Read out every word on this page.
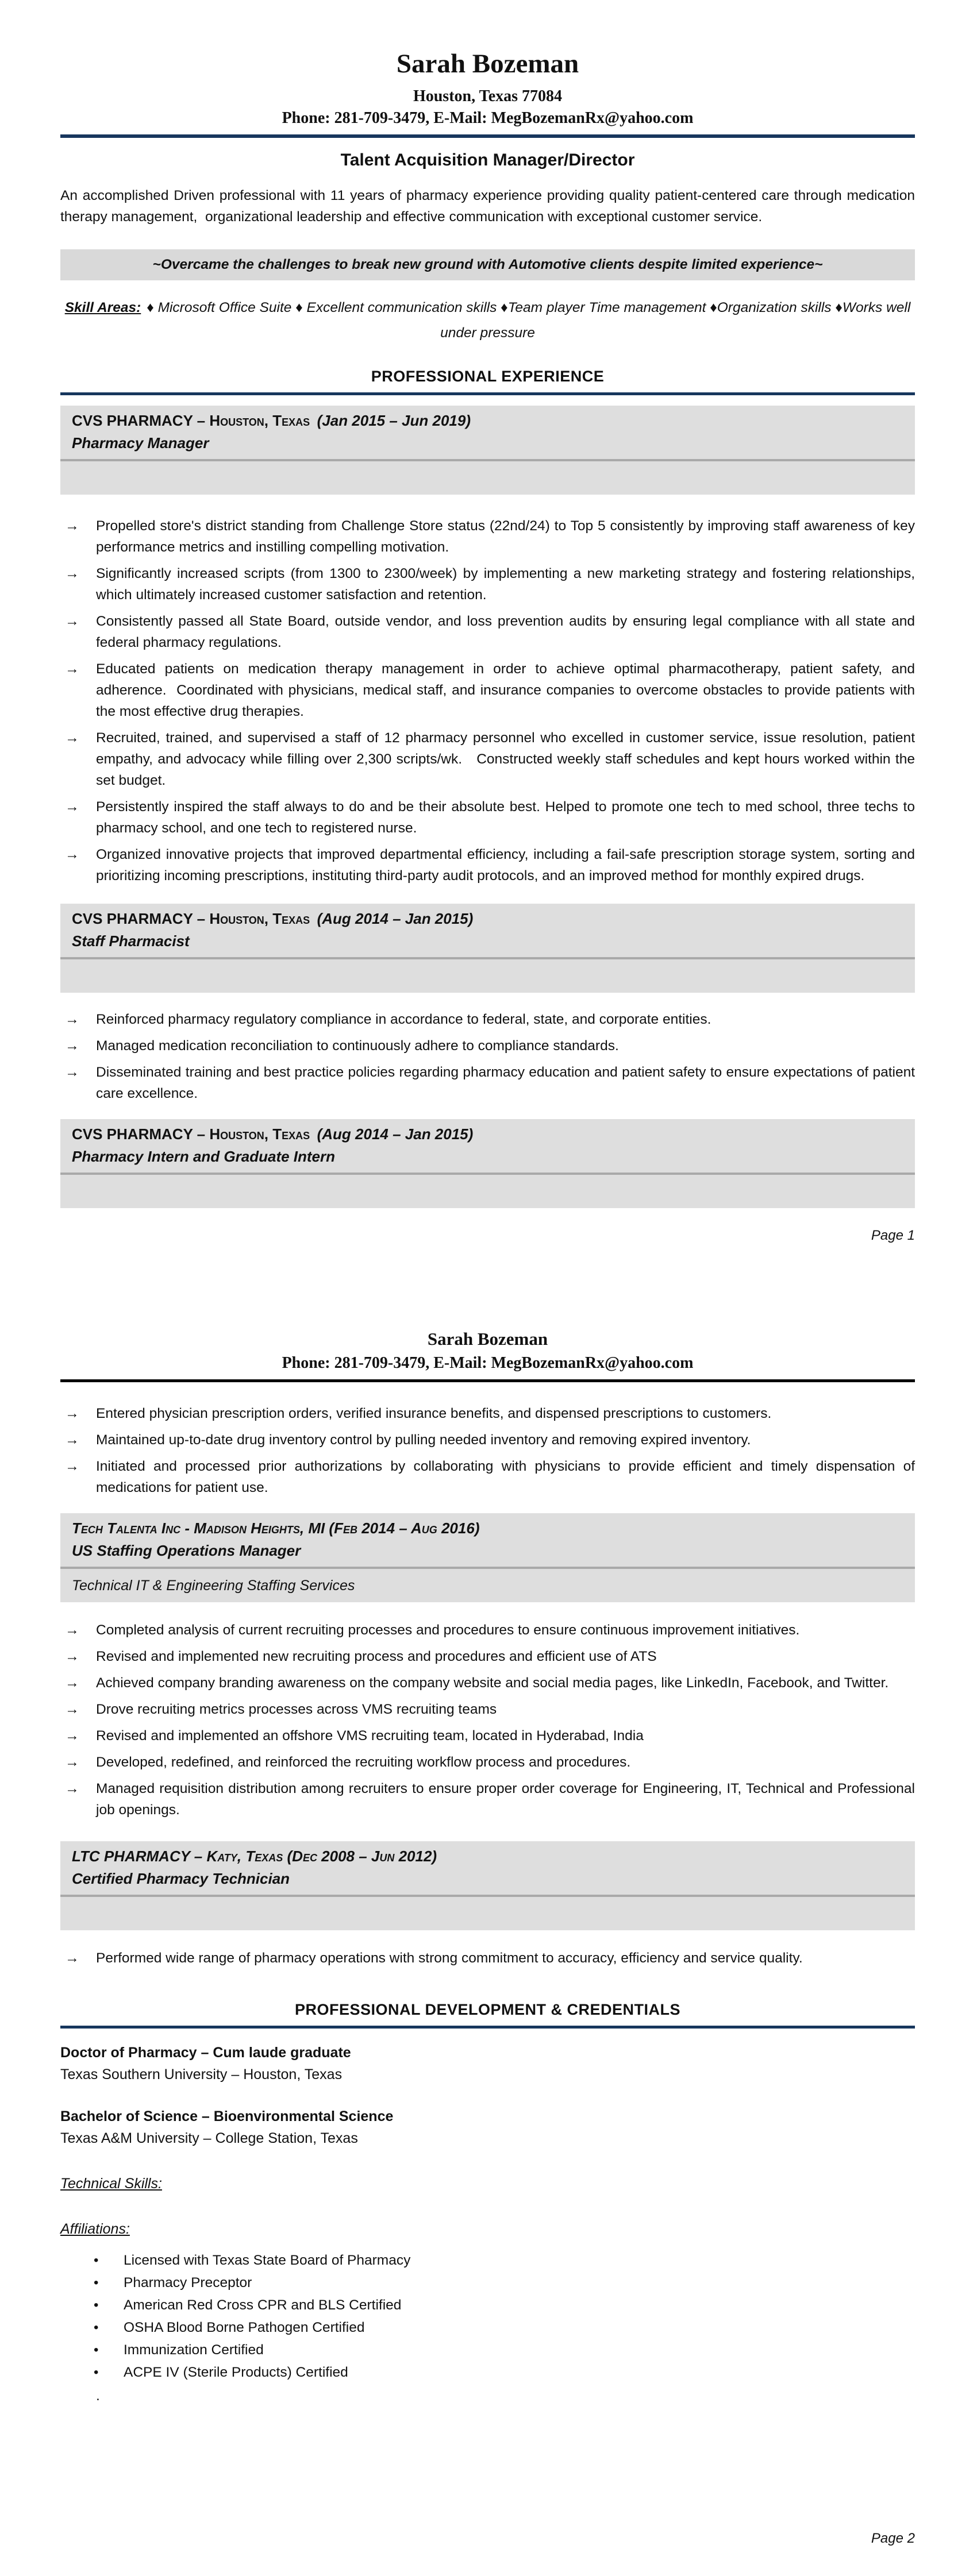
Sarah Bozeman
Houston, Texas 77084
Phone: 281-709-3479, E-Mail: MegBozemanRx@yahoo.com
Talent Acquisition Manager/Director

An accomplished Driven professional with 11 years of pharmacy experience providing quality patient-centered care through medication therapy management,  organizational leadership and effective communication with exceptional customer service.

~Overcame the challenges to break new ground with Automotive clients despite limited experience~

Skill Areas: ♦ Microsoft Office Suite ♦ Excellent communication skills ♦Team player Time management ♦Organization skills ♦Works well under pressure

PROFESSIONAL EXPERIENCE
CVS PHARMACY – Houston, Texas (Jan 2015 – Jun 2019)
Pharmacy Manager
→ Propelled store's district standing from Challenge Store status (22nd/24) to Top 5 consistently by improving staff awareness of key performance metrics and instilling compelling motivation.
→ Significantly increased scripts (from 1300 to 2300/week) by implementing a new marketing strategy and fostering relationships, which ultimately increased customer satisfaction and retention.
→ Consistently passed all State Board, outside vendor, and loss prevention audits by ensuring legal compliance with all state and federal pharmacy regulations.
→ Educated patients on medication therapy management in order to achieve optimal pharmacotherapy, patient safety, and adherence.  Coordinated with physicians, medical staff, and insurance companies to overcome obstacles to provide patients with the most effective drug therapies.
→ Recruited, trained, and supervised a staff of 12 pharmacy personnel who excelled in customer service, issue resolution, patient empathy, and advocacy while filling over 2,300 scripts/wk.   Constructed weekly staff schedules and kept hours worked within the set budget.
→ Persistently inspired the staff always to do and be their absolute best. Helped to promote one tech to med school, three techs to pharmacy school, and one tech to registered nurse.
→ Organized innovative projects that improved departmental efficiency, including a fail-safe prescription storage system, sorting and prioritizing incoming prescriptions, instituting third-party audit protocols, and an improved method for monthly expired drugs.
CVS PHARMACY – Houston, Texas (Aug 2014 – Jan 2015)
Staff Pharmacist
→ Reinforced pharmacy regulatory compliance in accordance to federal, state, and corporate entities.
→ Managed medication reconciliation to continuously adhere to compliance standards.
→ Disseminated training and best practice policies regarding pharmacy education and patient safety to ensure expectations of patient care excellence.
CVS PHARMACY – Houston, Texas (Aug 2014 – Jan 2015)
Pharmacy Intern and Graduate Intern
Page 1
Sarah Bozeman
Phone: 281-709-3479, E-Mail: MegBozemanRx@yahoo.com
→ Entered physician prescription orders, verified insurance benefits, and dispensed prescriptions to customers.
→ Maintained up-to-date drug inventory control by pulling needed inventory and removing expired inventory.
→ Initiated and processed prior authorizations by collaborating with physicians to provide efficient and timely dispensation of medications for patient use.
Tech Talenta Inc - Madison Heights, MI (Feb 2014 – Aug 2016)
US Staffing Operations Manager
Technical IT & Engineering Staffing Services
→ Completed analysis of current recruiting processes and procedures to ensure continuous improvement initiatives.
→ Revised and implemented new recruiting process and procedures and efficient use of ATS
→ Achieved company branding awareness on the company website and social media pages, like LinkedIn, Facebook, and Twitter.
→ Drove recruiting metrics processes across VMS recruiting teams
→ Revised and implemented an offshore VMS recruiting team, located in Hyderabad, India
→ Developed, redefined, and reinforced the recruiting workflow process and procedures.
→ Managed requisition distribution among recruiters to ensure proper order coverage for Engineering, IT, Technical and Professional job openings.
LTC PHARMACY – Katy, Texas (Dec 2008 – Jun 2012)
Certified Pharmacy Technician
→ Performed wide range of pharmacy operations with strong commitment to accuracy, efficiency and service quality.
PROFESSIONAL DEVELOPMENT & CREDENTIALS
Doctor of Pharmacy – Cum laude graduate
Texas Southern University – Houston, Texas
Bachelor of Science – Bioenvironmental Science
Texas A&M University – College Station, Texas
Technical Skills:
Affiliations:
• Licensed with Texas State Board of Pharmacy
• Pharmacy Preceptor
• American Red Cross CPR and BLS Certified
• OSHA Blood Borne Pathogen Certified
• Immunization Certified
• ACPE IV (Sterile Products) Certified
.
Page 2
